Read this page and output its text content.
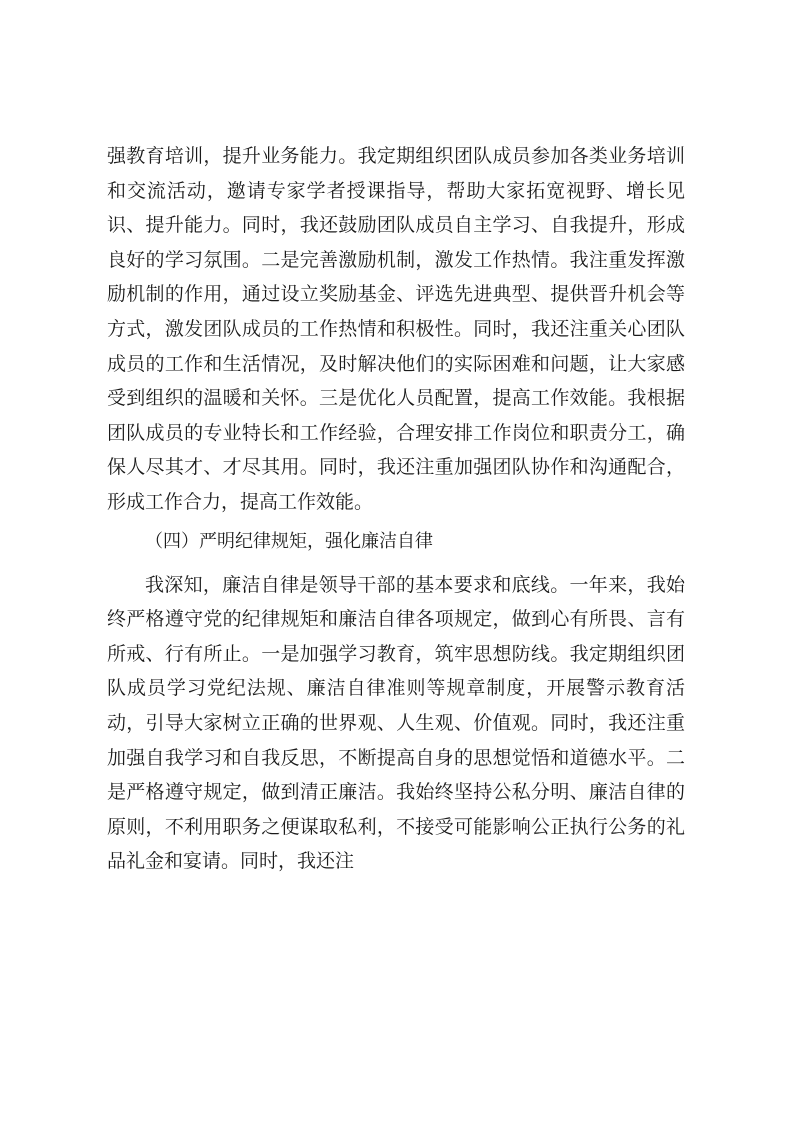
强教育培训，提升业务能力。我定期组织团队成员参加各类业务培训和交流活动，邀请专家学者授课指导，帮助大家拓宽视野、增长见识、提升能力。同时，我还鼓励团队成员自主学习、自我提升，形成良好的学习氛围。二是完善激励机制，激发工作热情。我注重发挥激励机制的作用，通过设立奖励基金、评选先进典型、提供晋升机会等方式，激发团队成员的工作热情和积极性。同时，我还注重关心团队成员的工作和生活情况，及时解决他们的实际困难和问题，让大家感受到组织的温暖和关怀。三是优化人员配置，提高工作效能。我根据团队成员的专业特长和工作经验，合理安排工作岗位和职责分工，确保人尽其才、才尽其用。同时，我还注重加强团队协作和沟通配合，形成工作合力，提高工作效能。

（四）严明纪律规矩，强化廉洁自律

我深知，廉洁自律是领导干部的基本要求和底线。一年来，我始终严格遵守党的纪律规矩和廉洁自律各项规定，做到心有所畏、言有所戒、行有所止。一是加强学习教育，筑牢思想防线。我定期组织团队成员学习党纪法规、廉洁自律准则等规章制度，开展警示教育活动，引导大家树立正确的世界观、人生观、价值观。同时，我还注重加强自我学习和自我反思，不断提高自身的思想觉悟和道德水平。二是严格遵守规定，做到清正廉洁。我始终坚持公私分明、廉洁自律的原则，不利用职务之便谋取私利，不接受可能影响公正执行公务的礼品礼金和宴请。同时，我还注
